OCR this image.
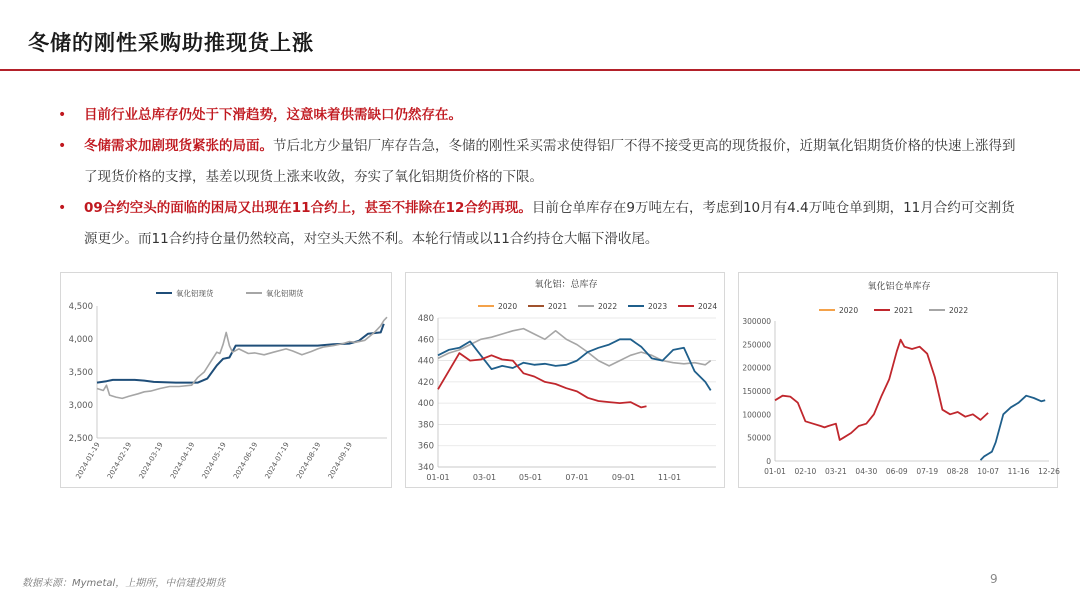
冬储的刚性采购助推现货上涨
• 目前行业总库存仍处于下滑趋势，这意味着供需缺口仍然存在。
• 冬储需求加剧现货紧张的局面。节后北方少量铝厂库存告急，冬储的刚性采买需求使得铝厂不得不接受更高的现货报价，近期氧化铝期货价格的快速上涨得到了现货价格的支撑，基差以现货上涨来收敛，夯实了氧化铝期货价格的下限。
• 09合约空头的面临的困局又出现在11合约上，甚至不排除在12合约再现。目前仓单库存在9万吨左右，考虑到10月有4.4万吨仓单到期，11月合约可交割货源更少。而11合约持仓量仍然较高，对空头天然不利。本轮行情或以11合约持仓大幅下滑收尾。
2,500
3,000
3,500
4,000
4,500
2024-01-19 2024-02-19 2024-03-19 2024-04-19 2024-05-19 2024-06-19 2024-07-19 2024-08-19 2024-09-19
氧化铝现货	氧化铝期货
氧化铝：总库存
340
360
380
400
420
440
460
480
01-01	03-01	05-01	07-01	09-01	11-01
2020	2021	2022	2023	2024
氧化铝仓单库存
0
50000
100000
150000
200000
250000
300000
01-01 02-10 03-21 04-30 06-09 07-19 08-28 10-07 11-16 12-26
2020	2021	2022
数据来源：Mymetal，上期所，中信建投期货	9
